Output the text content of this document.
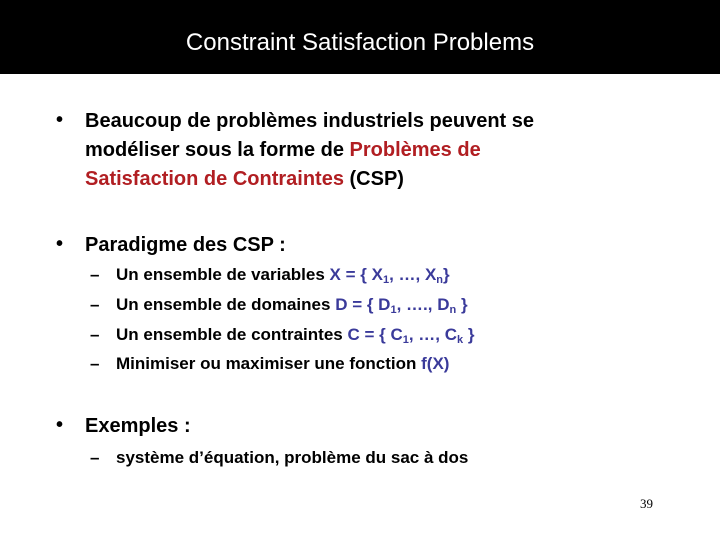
Constraint Satisfaction Problems
• Beaucoup de problèmes industriels peuvent se
modéliser sous la forme de Problèmes de
Satisfaction de Contraintes (CSP)
• Paradigme des CSP :
– Un ensemble de variables X = { $X_1$, …, $X_n$}
– Un ensemble de domaines D = { $D_1$, …., $D_n$ }
– Un ensemble de contraintes C = { $C_1$, …, $C_k$ }
– Minimiser ou maximiser une fonction f(X)
• Exemples :
– système d’équation, problème du sac à dos
39
